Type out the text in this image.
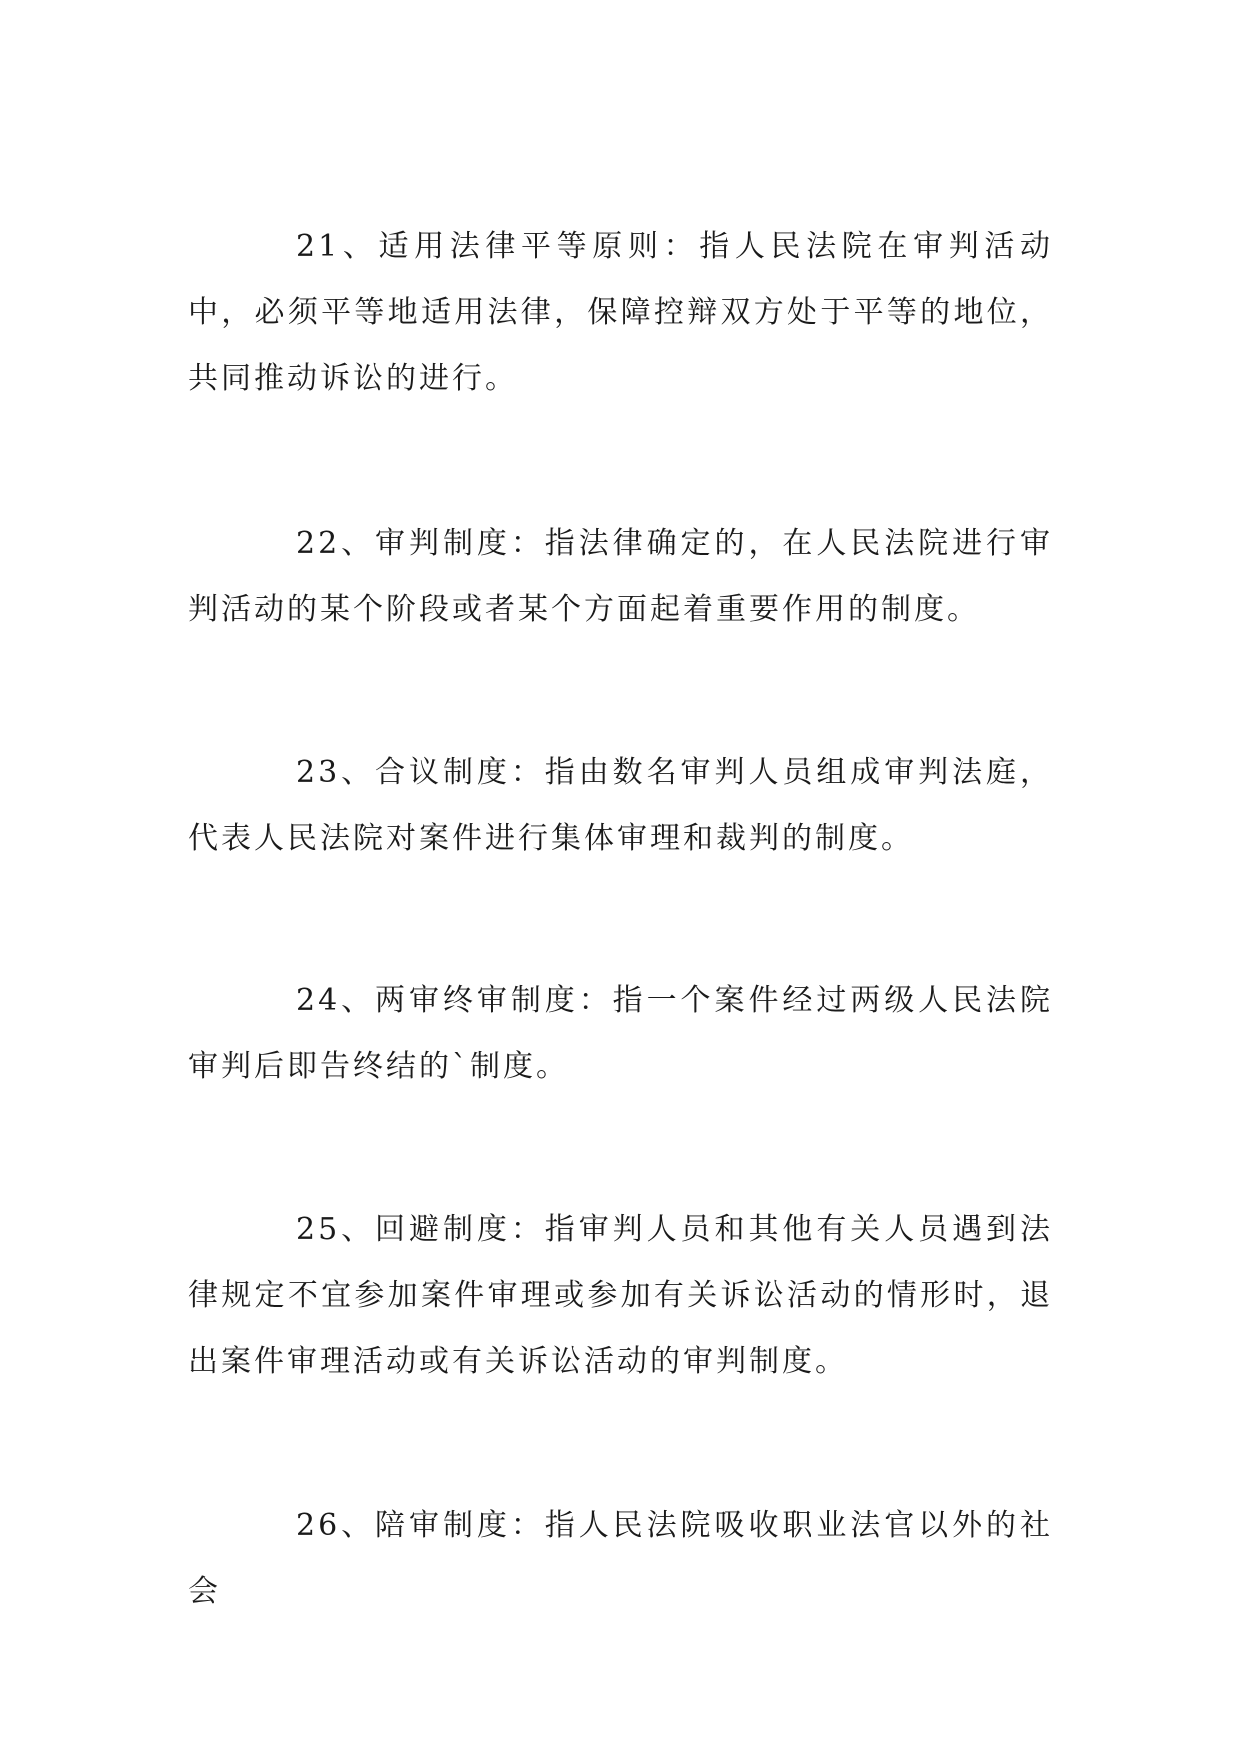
21、适用法律平等原则：指人民法院在审判活动中，必须平等地适用法律，保障控辩双方处于平等的地位，共同推动诉讼的进行。

22、审判制度：指法律确定的，在人民法院进行审判活动的某个阶段或者某个方面起着重要作用的制度。

23、合议制度：指由数名审判人员组成审判法庭，代表人民法院对案件进行集体审理和裁判的制度。

24、两审终审制度：指一个案件经过两级人民法院审判后即告终结的`制度。

25、回避制度：指审判人员和其他有关人员遇到法律规定不宜参加案件审理或参加有关诉讼活动的情形时，退出案件审理活动或有关诉讼活动的审判制度。

26、陪审制度：指人民法院吸收职业法官以外的社会
